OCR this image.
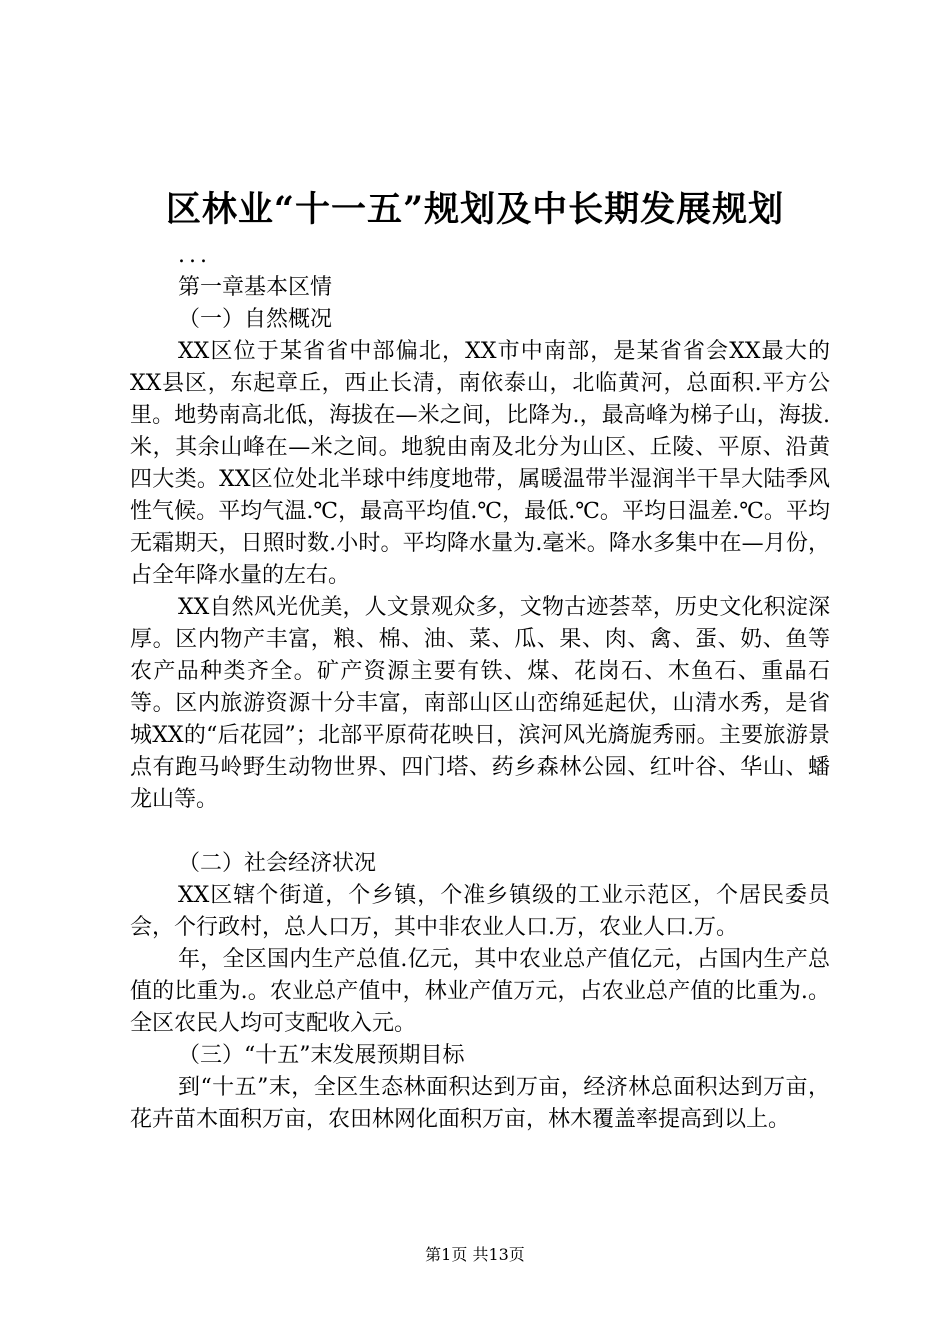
区林业“十一五”规划及中长期发展规划

...

第一章基本区情

（一）自然概况

XX区位于某省省中部偏北，XX市中南部，是某省省会XX最大的XX县区，东起章丘，西止长清，南依泰山，北临黄河，总面积.平方公里。地势南高北低，海拔在—米之间，比降为.，最高峰为梯子山，海拔.米，其余山峰在—米之间。地貌由南及北分为山区、丘陵、平原、沿黄四大类。XX区位处北半球中纬度地带，属暖温带半湿润半干旱大陆季风性气候。平均气温.℃，最高平均值.℃，最低.℃。平均日温差.℃。平均无霜期天，日照时数.小时。平均降水量为.毫米。降水多集中在—月份，占全年降水量的左右。

XX自然风光优美，人文景观众多，文物古迹荟萃，历史文化积淀深厚。区内物产丰富，粮、棉、油、菜、瓜、果、肉、禽、蛋、奶、鱼等农产品种类齐全。矿产资源主要有铁、煤、花岗石、木鱼石、重晶石等。区内旅游资源十分丰富，南部山区山峦绵延起伏，山清水秀，是省城XX的“后花园”；北部平原荷花映日，滨河风光旖旎秀丽。主要旅游景点有跑马岭野生动物世界、四门塔、药乡森林公园、红叶谷、华山、蟠龙山等。

（二）社会经济状况

XX区辖个街道，个乡镇，个准乡镇级的工业示范区，个居民委员会，个行政村，总人口万，其中非农业人口.万，农业人口.万。

年，全区国内生产总值.亿元，其中农业总产值亿元，占国内生产总值的比重为.。农业总产值中，林业产值万元，占农业总产值的比重为.。全区农民人均可支配收入元。

（三）“十五”末发展预期目标

到“十五”末，全区生态林面积达到万亩，经济林总面积达到万亩，花卉苗木面积万亩，农田林网化面积万亩，林木覆盖率提高到以上。

第1页 共13页
